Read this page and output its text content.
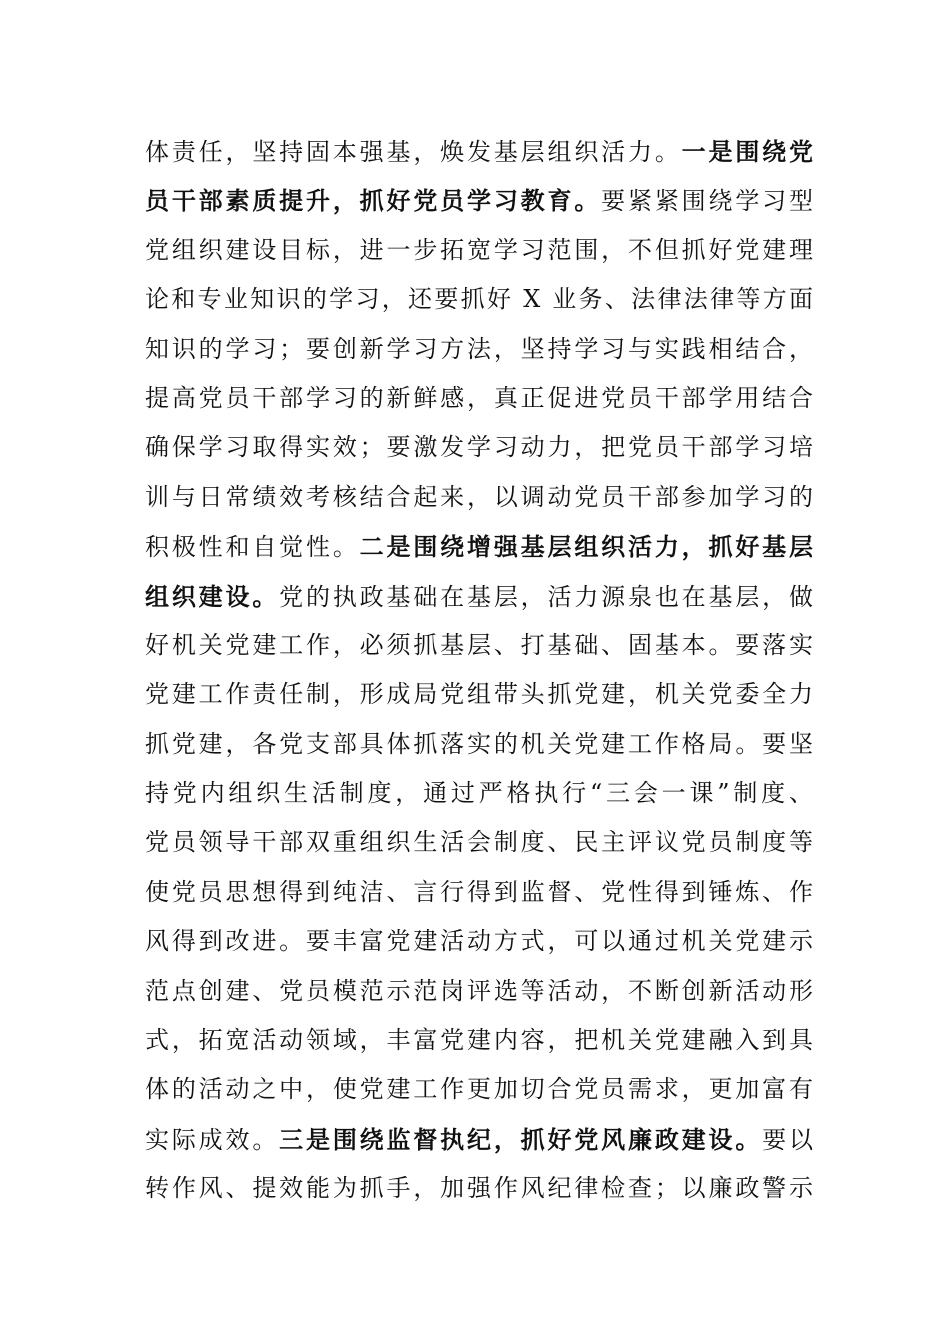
体责任，坚持固本强基，焕发基层组织活力。一是围绕党
员干部素质提升，抓好党员学习教育。要紧紧围绕学习型
党组织建设目标，进一步拓宽学习范围，不但抓好党建理
论和专业知识的学习，还要抓好 X 业务、法律法律等方面
知识的学习；要创新学习方法，坚持学习与实践相结合，
提高党员干部学习的新鲜感，真正促进党员干部学用结合
确保学习取得实效；要激发学习动力，把党员干部学习培
训与日常绩效考核结合起来，以调动党员干部参加学习的
积极性和自觉性。二是围绕增强基层组织活力，抓好基层
组织建设。党的执政基础在基层，活力源泉也在基层，做
好机关党建工作，必须抓基层、打基础、固基本。要落实
党建工作责任制，形成局党组带头抓党建，机关党委全力
抓党建，各党支部具体抓落实的机关党建工作格局。要坚
持党内组织生活制度，通过严格执行“三会一课”制度、
党员领导干部双重组织生活会制度、民主评议党员制度等
使党员思想得到纯洁、言行得到监督、党性得到锤炼、作
风得到改进。要丰富党建活动方式，可以通过机关党建示
范点创建、党员模范示范岗评选等活动，不断创新活动形
式，拓宽活动领域，丰富党建内容，把机关党建融入到具
体的活动之中，使党建工作更加切合党员需求，更加富有
实际成效。三是围绕监督执纪，抓好党风廉政建设。要以
转作风、提效能为抓手，加强作风纪律检查；以廉政警示
